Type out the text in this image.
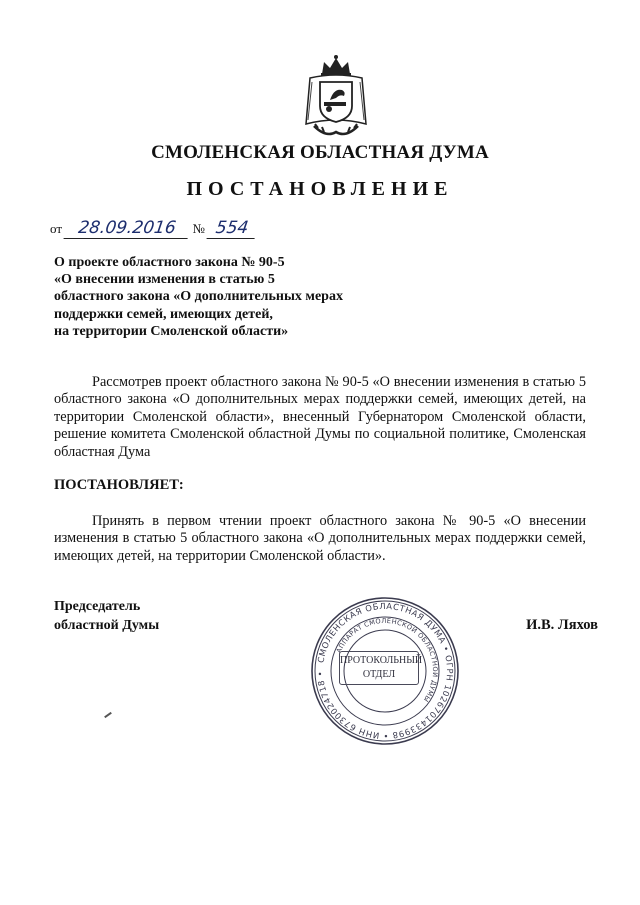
СМОЛЕНСКАЯ ОБЛАСТНАЯ ДУМА
ПОСТАНОВЛЕНИЕ
от 28.09.2016 № 554
О проекте областного закона № 90-5
«О внесении изменения в статью 5
областного закона «О дополнительных мерах
поддержки семей, имеющих детей,
на территории Смоленской области»
Рассмотрев проект областного закона № 90-5 «О внесении изменения в статью 5 областного закона «О дополнительных мерах поддержки семей, имеющих детей, на территории Смоленской области», внесенный Губернатором Смоленской области, решение комитета Смоленской областной Думы по социальной политике, Смоленская областная Дума
ПОСТАНОВЛЯЕТ:
Принять в первом чтении проект областного закона № 90-5 «О внесении изменения в статью 5 областного закона «О дополнительных мерах поддержки семей, имеющих детей, на территории Смоленской области».
Председатель
областной Думы
СМОЛЕНСКАЯ ОБЛАСТНАЯ ДУМА • ОГРН 1026701433998 • ИНН 6730024718 •
АППАРАТ СМОЛЕНСКОЙ ОБЛАСТНОЙ ДУМЫ
ПРОТОКОЛЬНЫЙ
ОТДЕЛ
И.В. Ляхов
